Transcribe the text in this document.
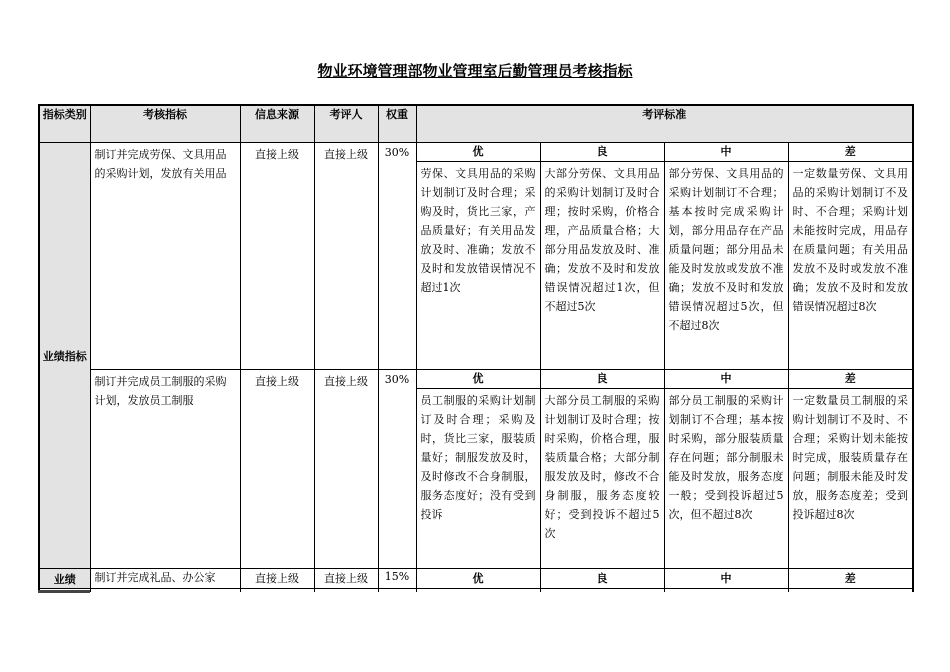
物业环境管理部物业管理室后勤管理员考核指标
指标类别	考核指标	信息来源	考评人	权重	考评标准			
业绩指标	制订并完成劳保、文具用品的采购计划，发放有关用品	直接上级	直接上级	30%	优	良	中	差
					劳保、文具用品的采购计划制订及时合理；采购及时，货比三家，产品质量好；有关用品发放及时、准确；发放不及时和发放错误情况不超过1次	大部分劳保、文具用品的采购计划制订及时合理；按时采购，价格合理，产品质量合格；大部分用品发放及时、准确；发放不及时和发放错误情况超过1次，但不超过5次	部分劳保、文具用品的采购计划制订不合理；基本按时完成采购计划，部分用品存在产品质量问题；部分用品未能及时发放或发放不准确；发放不及时和发放错误情况超过5次，但不超过8次	一定数量劳保、文具用品的采购计划制订不及时、不合理；采购计划未能按时完成，用品存在质量问题；有关用品发放不及时或发放不准确；发放不及时和发放错误情况超过8次
	制订并完成员工制服的采购计划，发放员工制服	直接上级	直接上级	30%	优	良	中	差
					员工制服的采购计划制订及时合理；采购及时，货比三家，服装质量好；制服发放及时，及时修改不合身制服，服务态度好；没有受到投诉	大部分员工制服的采购计划制订及时合理；按时采购，价格合理，服装质量合格；大部分制服发放及时，修改不合身制服，服务态度较好；受到投诉不超过5次	部分员工制服的采购计划制订不合理；基本按时采购，部分服装质量存在问题；部分制服未能及时发放，服务态度一般；受到投诉超过5次，但不超过8次	一定数量员工制服的采购计划制订不及时、不合理；采购计划未能按时完成，服装质量存在问题；制服未能及时发放，服务态度差；受到投诉超过8次
业绩	制订并完成礼品、办公家	直接上级	直接上级	15%	优	良	中	差
